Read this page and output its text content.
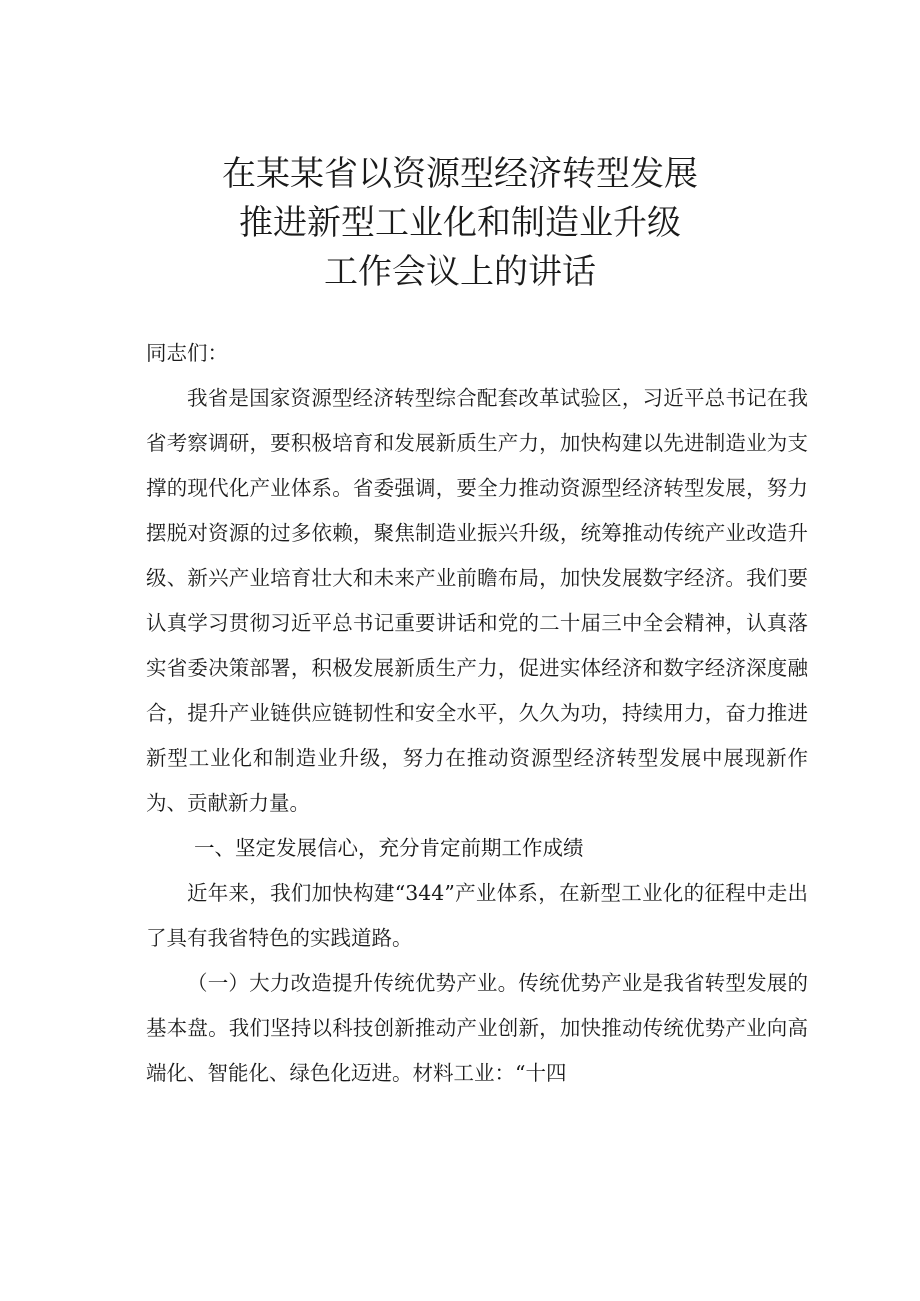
在某某省以资源型经济转型发展
推进新型工业化和制造业升级
工作会议上的讲话

同志们：

我省是国家资源型经济转型综合配套改革试验区，习近平总书记在我省考察调研，要积极培育和发展新质生产力，加快构建以先进制造业为支撑的现代化产业体系。省委强调，要全力推动资源型经济转型发展，努力摆脱对资源的过多依赖，聚焦制造业振兴升级，统筹推动传统产业改造升级、新兴产业培育壮大和未来产业前瞻布局，加快发展数字经济。我们要认真学习贯彻习近平总书记重要讲话和党的二十届三中全会精神，认真落实省委决策部署，积极发展新质生产力，促进实体经济和数字经济深度融合，提升产业链供应链韧性和安全水平，久久为功，持续用力，奋力推进新型工业化和制造业升级，努力在推动资源型经济转型发展中展现新作为、贡献新力量。

一、坚定发展信心，充分肯定前期工作成绩

近年来，我们加快构建“344”产业体系，在新型工业化的征程中走出了具有我省特色的实践道路。

（一）大力改造提升传统优势产业。传统优势产业是我省转型发展的基本盘。我们坚持以科技创新推动产业创新，加快推动传统优势产业向高端化、智能化、绿色化迈进。材料工业：“十四
